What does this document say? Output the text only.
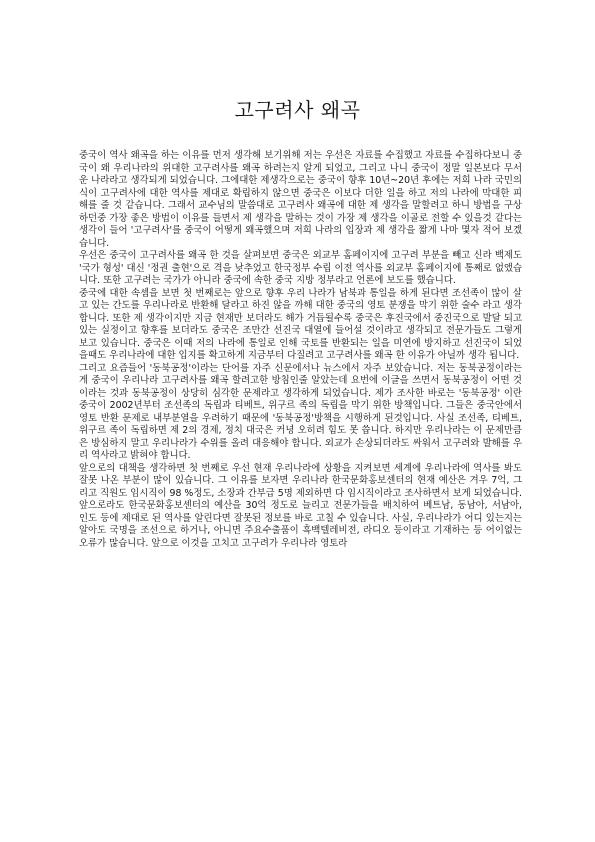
고구려사 왜곡

중국이 역사 왜곡을 하는 이유를 먼저 생각해 보기위해 저는 우선은 자료를 수집했고 자료를 수집하다보니 중국이 왜 우리나라의 위대한 고구려사를 왜곡 하려는지 알게 되었고, 그리고 나니 중국이 정말 일본보다 무서운 나라라고 생각되게 되었습니다. 그에대한 제생각으로는 중국이 향후 10년~20년 후에는 저희 나라 국민의식이 고구려사에 대한 역사를 제대로 확립하지 않으면 중국은 이보다 더한 일을 하고 저의 나라에 막대한 피해를 줄 것 같습니다. 그래서 교수님의 말씀대로 고구려사 왜곡에 대한 제 생각을 말할려고 하니 방법을 구상하던중 가장 좋은 방법이 이유를 들면서 제 생각을 말하는 것이 가장 제 생각을 이골로 전할 수 있을것 같다는 생각이 들어 '고구려사'를 중국이 어떻게 왜곡했으며 저희 나라의 입장과 제 생각을 짧게 나마 몇자 적어 보겠습니다.

우선은 중국이 고구려사를 왜곡 한 것을 살펴보면 중국은 외교부 홈페이지에 고구려 부분을 빼고 신라 백제도 '국가 형성' 대신 '정권 출현'으로 격을 낮추었고 한국정부 수립 이전 역사를 외교부 홈페이지에 통째로 없앴습니다. 또한 고구려는 국가가 아니라 중국에 속한 중국 지방 정부라고 언론에 보도를 했습니다.

중국에 대한 속셈을 보면 첫 번째로는 앞으로 향후 우리 나라가 남북과 통일을 하게 된다면 조선족이 많이 살고 있는 간도를 우리나라로 반환해 달라고 하진 않을 까해 대한 중국의 영토 분쟁을 막기 위한 술수 라고 생각 합니다. 또한 제 생각이지만 지금 현재만 보더라도 해가 거듭될수록 중국은 후진국에서 중진국으로 발달 되고 있는 실정이고 향후를 보더라도 중국은 조만간 선진국 대열에 들어설 것이라고 생각되고 전문가들도 그렇게 보고 있습니다. 중국은 이때 저의 나라에 통일로 인해 국토를 반환되는 일을 미연에 방지하고 선진국이 되었을때도 우리나라에 대한 입지를 확고하게 지금부터 다질려고 고구려사를 왜곡 한 이유가 아닐까 생각 됩니다.

그리고 요즘들어 '동북공정'이라는 단어를 자주 신문에서나 뉴스에서 자주 보았습니다. 저는 동북공정이라는게 중국이 우리나라 고구려사를 왜곡 할려고한 방침인줄 알았는데 요번에 이글을 쓰면서 동북공정이 어떤 것이라는 것과 동북공정이 상당히 심각한 문제라고 생각하게 되었습니다. 제가 조사한 바로는 '동북공정' 이란 중국이 2002년부터 조선족의 독립과 티베트, 위구르 족의 독립을 막기 위한 방책입니다. 그들은 중국안에서 영토 반환 문제로 내부분열을 우려하기 때문에 '동북공정'방책을 시행하게 된것입니다. 사실 조선족, 티베트, 위구르 족이 독립하면 제 2의 경제, 정치 대국은 커녕 오히려 힘도 못 씁니다. 하지만 우리나라는 이 문제만큼은 방심하지 말고 우리나라가 수위를 올려 대응해야 합니다. 외교가 손상되더라도 싸워서 고구려와 발해를 우리 역사라고 밝혀야 합니다.

앞으로의 대책을 생각하면 첫 번째로 우선 현재 우리나라에 상황을 지켜보면 세계에 우리나라에 역사를 봐도 잘못 나온 부분이 많이 있습니다. 그 이유를 보자면 우리나라 한국문화홍보센터의 현재 예산은 겨우 7억, 그리고 직원도 임시직이 98 %정도, 소장과 간부급 5명 제외하면 다 임시직이라고 조사하면서 보게 되었습니다. 앞으로라도 한국문화홍보센터의 예산을 30억 정도로 늘리고 전문가들을 배치하여 베트남, 동남아, 서남아, 인도 등에 제대로 된 역사를 알린다면 잘못된 정보를 바로 고칠 수 있습니다. 사실, 우리나라가 어디 있는지는 알아도 국명을 조선으로 하거나, 아니면 주요수출품이 흑백텔레비전, 라디오 등이라고 기재하는 등 어이없는 오류가 많습니다. 앞으로 이것을 고치고 고구려가 우리나라 영토라
